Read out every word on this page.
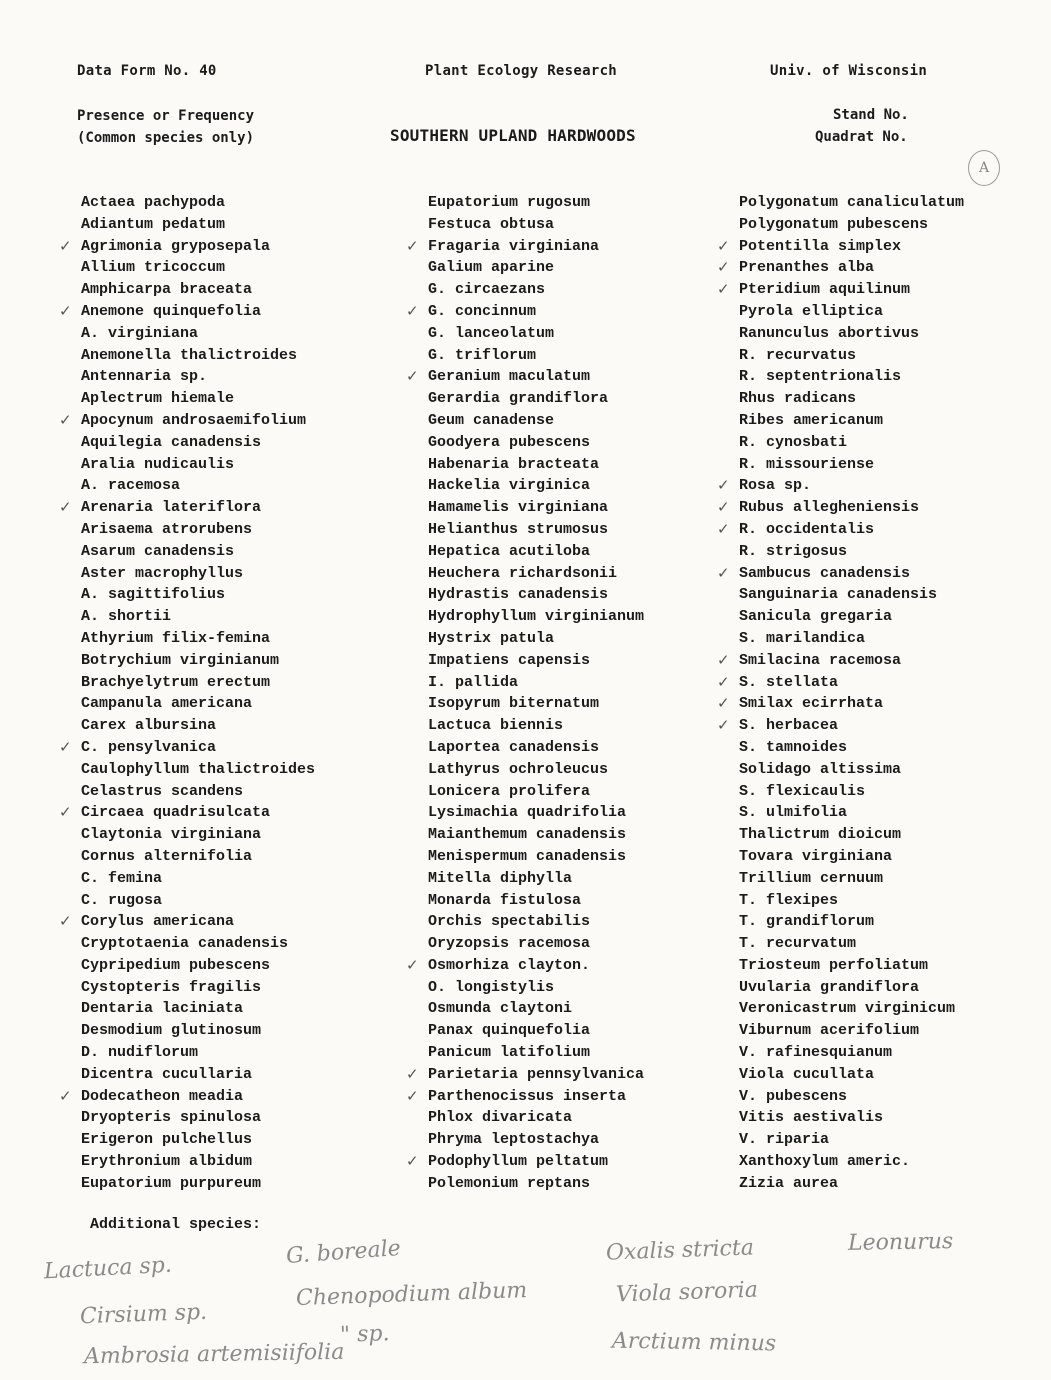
Data Form No. 40	Plant Ecology Research	Univ. of Wisconsin
Presence or Frequency
(Common species only)	SOUTHERN UPLAND HARDWOODS
Stand No.
Quadrat No.
A
Actaea pachypoda
Adiantum pedatum
✓ Agrimonia gryposepala
Allium tricoccum
Amphicarpa braceata
✓ Anemone quinquefolia
A. virginiana
Anemonella thalictroides
Antennaria sp.
Aplectrum hiemale
✓ Apocynum androsaemifolium
Aquilegia canadensis
Aralia nudicaulis
A. racemosa
✓ Arenaria lateriflora
Arisaema atrorubens
Asarum canadensis
Aster macrophyllus
A. sagittifolius
A. shortii
Athyrium filix-femina
Botrychium virginianum
Brachyelytrum erectum
Campanula americana
Carex albursina
✓ C. pensylvanica
Caulophyllum thalictroides
Celastrus scandens
✓ Circaea quadrisulcata
Claytonia virginiana
Cornus alternifolia
C. femina
C. rugosa
✓ Corylus americana
Cryptotaenia canadensis
Cypripedium pubescens
Cystopteris fragilis
Dentaria laciniata
Desmodium glutinosum
D. nudiflorum
Dicentra cucullaria
✓ Dodecatheon meadia
Dryopteris spinulosa
Erigeron pulchellus
Erythronium albidum
Eupatorium purpureum
Eupatorium rugosum
Festuca obtusa
✓ Fragaria virginiana
Galium aparine
G. circaezans
✓ G. concinnum
G. lanceolatum
G. triflorum
✓ Geranium maculatum
Gerardia grandiflora
Geum canadense
Goodyera pubescens
Habenaria bracteata
Hackelia virginica
Hamamelis virginiana
Helianthus strumosus
Hepatica acutiloba
Heuchera richardsonii
Hydrastis canadensis
Hydrophyllum virginianum
Hystrix patula
Impatiens capensis
I. pallida
Isopyrum biternatum
Lactuca biennis
Laportea canadensis
Lathyrus ochroleucus
Lonicera prolifera
Lysimachia quadrifolia
Maianthemum canadensis
Menispermum canadensis
Mitella diphylla
Monarda fistulosa
Orchis spectabilis
Oryzopsis racemosa
✓ Osmorhiza clayton.
O. longistylis
Osmunda claytoni
Panax quinquefolia
Panicum latifolium
✓ Parietaria pennsylvanica
✓ Parthenocissus inserta
Phlox divaricata
Phryma leptostachya
✓ Podophyllum peltatum
Polemonium reptans
Polygonatum canaliculatum
Polygonatum pubescens
✓ Potentilla simplex
✓ Prenanthes alba
✓ Pteridium aquilinum
Pyrola elliptica
Ranunculus abortivus
R. recurvatus
R. septentrionalis
Rhus radicans
Ribes americanum
R. cynosbati
R. missouriense
✓ Rosa sp.
✓ Rubus allegheniensis
✓ R. occidentalis
R. strigosus
✓ Sambucus canadensis
Sanguinaria canadensis
Sanicula gregaria
S. marilandica
✓ Smilacina racemosa
✓ S. stellata
✓ Smilax ecirrhata
✓ S. herbacea
S. tamnoides
Solidago altissima
S. flexicaulis
S. ulmifolia
Thalictrum dioicum
Tovara virginiana
Trillium cernuum
T. flexipes
T. grandiflorum
T. recurvatum
Triosteum perfoliatum
Uvularia grandiflora
Veronicastrum virginicum
Viburnum acerifolium
V. rafinesquianum
Viola cucullata
V. pubescens
Vitis aestivalis
V. riparia
Xanthoxylum americ.
Zizia aurea
Additional species:
Lactuca sp.
Cirsium sp.
Ambrosia artemisiifolia
G. boreale
Chenopodium album
" sp.
Oxalis stricta
Viola sororia
Arctium minus
Leonurus
